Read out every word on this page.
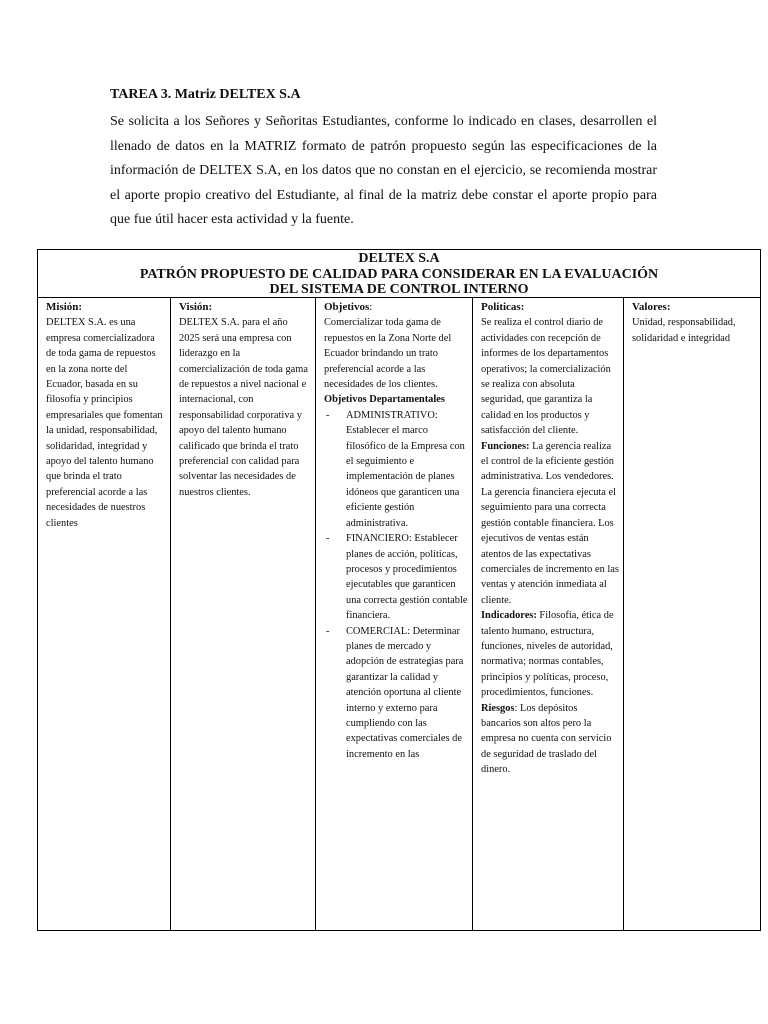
TAREA 3. Matriz DELTEX S.A
Se solicita a los Señores y Señoritas Estudiantes, conforme lo indicado en clases, desarrollen el llenado de datos en la MATRIZ formato de patrón propuesto según las especificaciones de la información de DELTEX S.A, en los datos que no constan en el ejercicio, se recomienda mostrar el aporte propio creativo del Estudiante, al final de la matriz debe constar el aporte propio para que fue útil hacer esta actividad y la fuente.
DELTEX S.A
PATRÓN PROPUESTO DE CALIDAD PARA CONSIDERAR EN LA EVALUACIÓN
DEL SISTEMA DE CONTROL INTERNO
Misión:
DELTEX S.A. es una empresa comercializadora de toda gama de repuestos en la zona norte del Ecuador, basada en su filosofía y principios empresariales que fomentan la unidad, responsabilidad, solidaridad, integridad y apoyo del talento humano que brinda el trato preferencial acorde a las necesidades de nuestros clientes
Visión:
DELTEX S.A. para el año 2025 será una empresa con liderazgo en la comercialización de toda gama de repuestos a nivel nacional e internacional, con responsabilidad corporativa y apoyo del talento humano calificado que brinda el trato preferencial con calidad para solventar las necesidades de nuestros clientes.
Objetivos:
Comercializar toda gama de repuestos en la Zona Norte del Ecuador brindando un trato preferencial acorde a las necesidades de los clientes.
Objetivos Departamentales
- ADMINISTRATIVO: Establecer el marco filosófico de la Empresa con el seguimiento e implementación de planes idóneos que garanticen una eficiente gestión administrativa.
- FINANCIERO: Establecer planes de acción, políticas, procesos y procedimientos ejecutables que garanticen una correcta gestión contable financiera.
- COMERCIAL: Determinar planes de mercado y adopción de estrategias para garantizar la calidad y atención oportuna al cliente interno y externo para cumpliendo con las expectativas comerciales de incremento en las
Políticas:
Se realiza el control diario de actividades con recepción de informes de los departamentos operativos; la comercialización se realiza con absoluta seguridad, que garantiza la calidad en los productos y satisfacción del cliente.
Funciones: La gerencia realiza el control de la eficiente gestión administrativa. Los vendedores. La gerencia financiera ejecuta el seguimiento para una correcta gestión contable financiera. Los ejecutivos de ventas están atentos de las expectativas comerciales de incremento en las ventas y atención inmediata al cliente.
Indicadores: Filosofía, ética de talento humano, estructura, funciones, niveles de autoridad, normativa; normas contables, principios y políticas, proceso, procedimientos, funciones.
Riesgos: Los depósitos bancarios son altos pero la empresa no cuenta con servicio de seguridad de traslado del dinero.
Valores:
Unidad, responsabilidad, solidaridad e integridad
